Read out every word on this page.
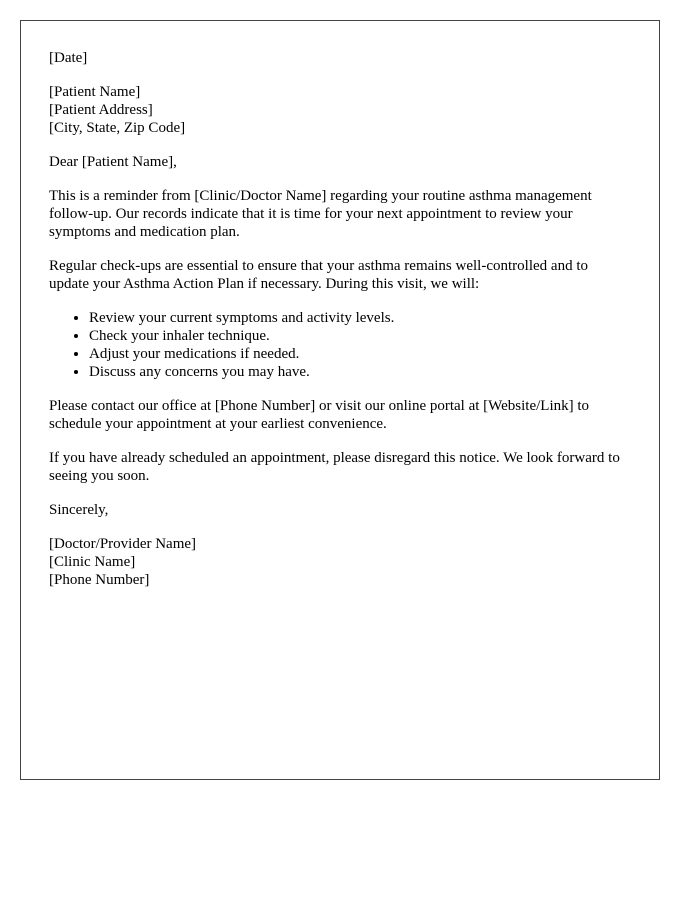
[Date]
[Patient Name]
[Patient Address]
[City, State, Zip Code]

Dear [Patient Name],

This is a reminder from [Clinic/Doctor Name] regarding your routine asthma management follow-up. Our records indicate that it is time for your next appointment to review your symptoms and medication plan.

Regular check-ups are essential to ensure that your asthma remains well-controlled and to update your Asthma Action Plan if necessary. During this visit, we will:

• Review your current symptoms and activity levels.
• Check your inhaler technique.
• Adjust your medications if needed.
• Discuss any concerns you may have.

Please contact our office at [Phone Number] or visit our online portal at [Website/Link] to schedule your appointment at your earliest convenience.

If you have already scheduled an appointment, please disregard this notice. We look forward to seeing you soon.

Sincerely,

[Doctor/Provider Name]
[Clinic Name]
[Phone Number]
